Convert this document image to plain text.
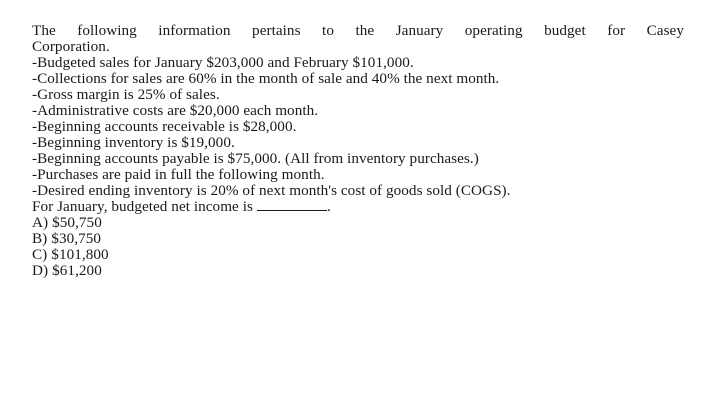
The following information pertains to the January operating budget for Casey
Corporation.
-Budgeted sales for January $203,000 and February $101,000.
-Collections for sales are 60% in the month of sale and 40% the next month.
-Gross margin is 25% of sales.
-Administrative costs are $20,000 each month.
-Beginning accounts receivable is $28,000.
-Beginning inventory is $19,000.
-Beginning accounts payable is $75,000. (All from inventory purchases.)
-Purchases are paid in full the following month.
-Desired ending inventory is 20% of next month's cost of goods sold (COGS).
For January, budgeted net income is	.
A) $50,750
B) $30,750
C) $101,800
D) $61,200
